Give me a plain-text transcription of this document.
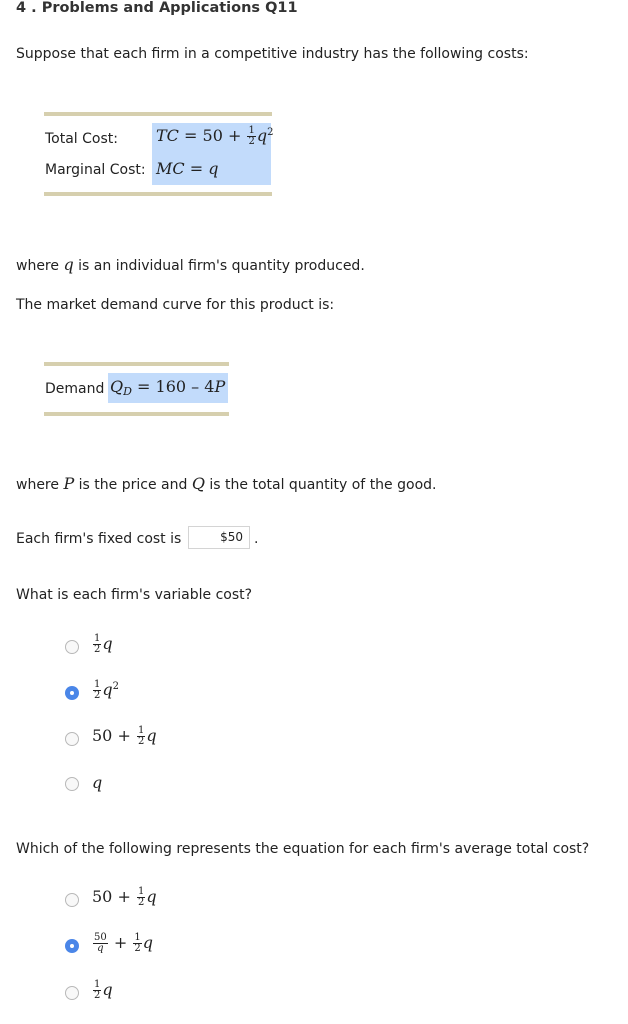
4 . Problems and Applications Q11
Suppose that each firm in a competitive industry has the following costs:
Total Cost: TC = $50 + \frac{1}{2} q^2$
Marginal Cost: MC = q
where q is an individual firm's quantity produced.
The market demand curve for this product is:
Demand $Q_D = 160 - 4P$
where P is the price and Q is the total quantity of the good.
Each firm's fixed cost is	$50 .
What is each firm's variable cost?
$\frac{1}{2}$ q
$\frac{1}{2} q^2$
$50 + \frac{1}{2}$ q
q
Which of the following represents the equation for each firm's average total cost?
$50 + \frac{1}{2}$ q
$\frac{50}{q} + \frac{1}{2}$ q
$\frac{1}{2}$ q
